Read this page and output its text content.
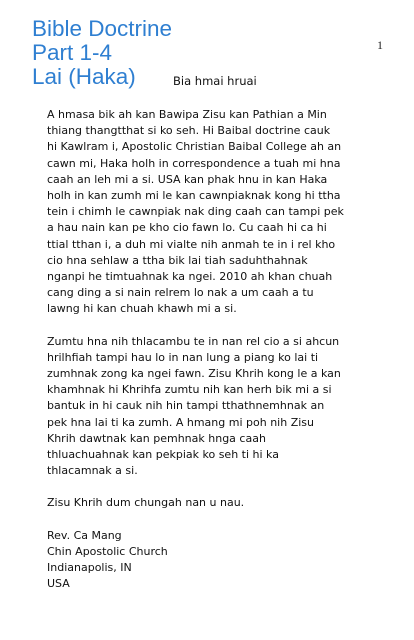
Bible Doctrine
Part 1-4
Lai (Haka)
1
Bia hmai hruai

A hmasa bik ah kan Bawipa Zisu kan Pathian a Min
thiang thangtthat si ko seh. Hi Baibal doctrine cauk
hi Kawlram i, Apostolic Christian Baibal College ah an
cawn mi, Haka holh in correspondence a tuah mi hna
caah an leh mi a si. USA kan phak hnu in kan Haka
holh in kan zumh mi le kan cawnpiaknak kong hi ttha
tein i chimh le cawnpiak nak ding caah can tampi pek
a hau nain kan pe kho cio fawn lo. Cu caah hi ca hi
ttial tthan i, a duh mi vialte nih anmah te in i rel kho
cio hna sehlaw a ttha bik lai tiah saduhthahnak
nganpi he timtuahnak ka ngei. 2010 ah khan chuah
cang ding a si nain relrem lo nak a um caah a tu
lawng hi kan chuah khawh mi a si.

Zumtu hna nih thlacambu te in nan rel cio a si ahcun
hrilhfiah tampi hau lo in nan lung a piang ko lai ti
zumhnak zong ka ngei fawn. Zisu Khrih kong le a kan
khamhnak hi Khrihfa zumtu nih kan herh bik mi a si
bantuk in hi cauk nih hin tampi tthathnemhnak an
pek hna lai ti ka zumh. A hmang mi poh nih Zisu
Khrih dawtnak kan pemhnak hnga caah
thluachuahnak kan pekpiak ko seh ti hi ka
thlacamnak a si.

Zisu Khrih dum chungah nan u nau.

Rev. Ca Mang
Chin Apostolic Church
Indianapolis, IN
USA
